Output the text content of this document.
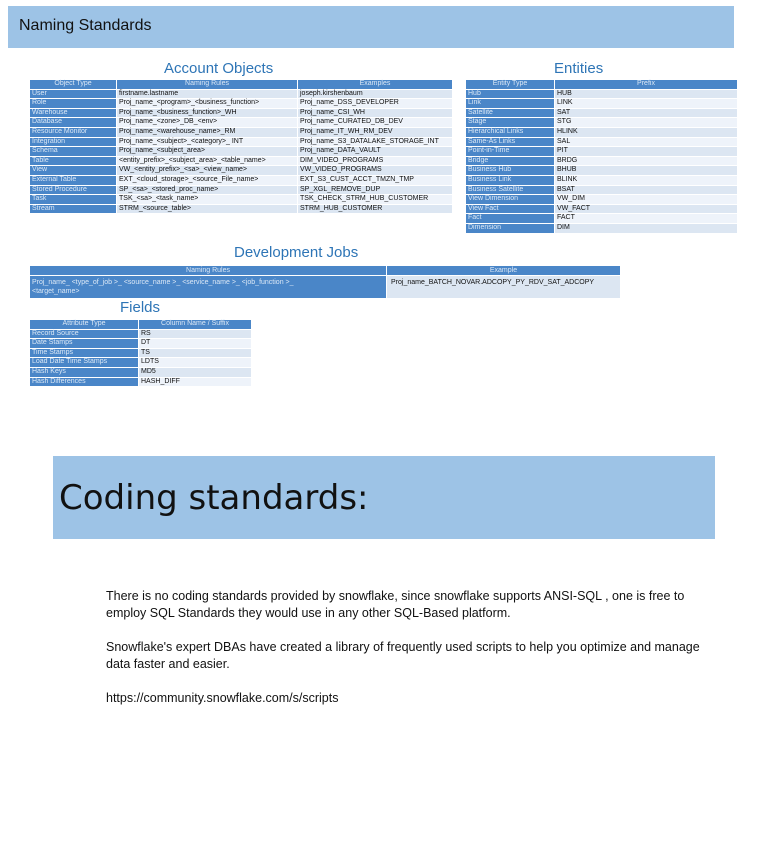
Naming Standards
Account Objects
Object Type	Naming Rules	Examples
User	firstname.lastname	joseph.kirshenbaum
Role	Proj_name_<program>_<business_function>	Proj_name_DSS_DEVELOPER
Warehouse	Proj_name_<business_function>_WH	Proj_name_CSI_WH
Database	Proj_name_<zone>_DB_<env>	Proj_name_CURATED_DB_DEV
Resource Monitor	Proj_name_<warehouse_name>_RM	Proj_name_IT_WH_RM_DEV
Integration	Proj_name_<subject>_<category>_ INT	Proj_name_S3_DATALAKE_STORAGE_INT
Schema	Proj_name_<subject_area>	Proj_name_DATA_VAULT
Table	<entity_prefix>_<subject_area>_<table_name>	DIM_VIDEO_PROGRAMS
View	VW_<entity_prefix>_<sa>_<view_name>	VW_VIDEO_PROGRAMS
External Table	EXT_<cloud_storage>_<source_File_name>	EXT_S3_CUST_ACCT_TMZN_TMP
Stored Procedure	SP_<sa>_<stored_proc_name>	SP_XGL_REMOVE_DUP
Task	TSK_<sa>_<task_name>	TSK_CHECK_STRM_HUB_CUSTOMER
Stream	STRM_<source_table>	STRM_HUB_CUSTOMER
Entities
Entity Type	Prefix
Hub	HUB
Link	LINK
Satellite	SAT
Stage	STG
Hierarchical Links	HLINK
Same-As Links	SAL
Point-in-Time	PIT
Bridge	BRDG
Business Hub	BHUB
Business Link	BLINK
Business Satellite	BSAT
View Dimension	VW_DIM
View Fact	VW_FACT
Fact	FACT
Dimension	DIM
Development Jobs
Naming Rules	Example

Proj_name_ <type_of_job >_ <source_name >_ <service_name >_ <job_function >_
<target_name>	Proj_name_BATCH_NOVAR.ADCOPY_PY_RDV_SAT_ADCOPY
Fields
Attribute Type	Column Name / Suffix
Record Source	RS
Date Stamps	DT
Time Stamps	TS
Load Date Time Stamps	LDTS
Hash Keys	MD5
Hash Differences	HASH_DIFF
Coding standards:
There is no coding standards provided by snowflake, since snowflake supports ANSI-SQL , one is free to employ SQL Standards they would use in any other SQL-Based platform.
Snowflake's expert DBAs have created a library of frequently used scripts to help you optimize and manage data faster and easier.
https://community.snowflake.com/s/scripts
